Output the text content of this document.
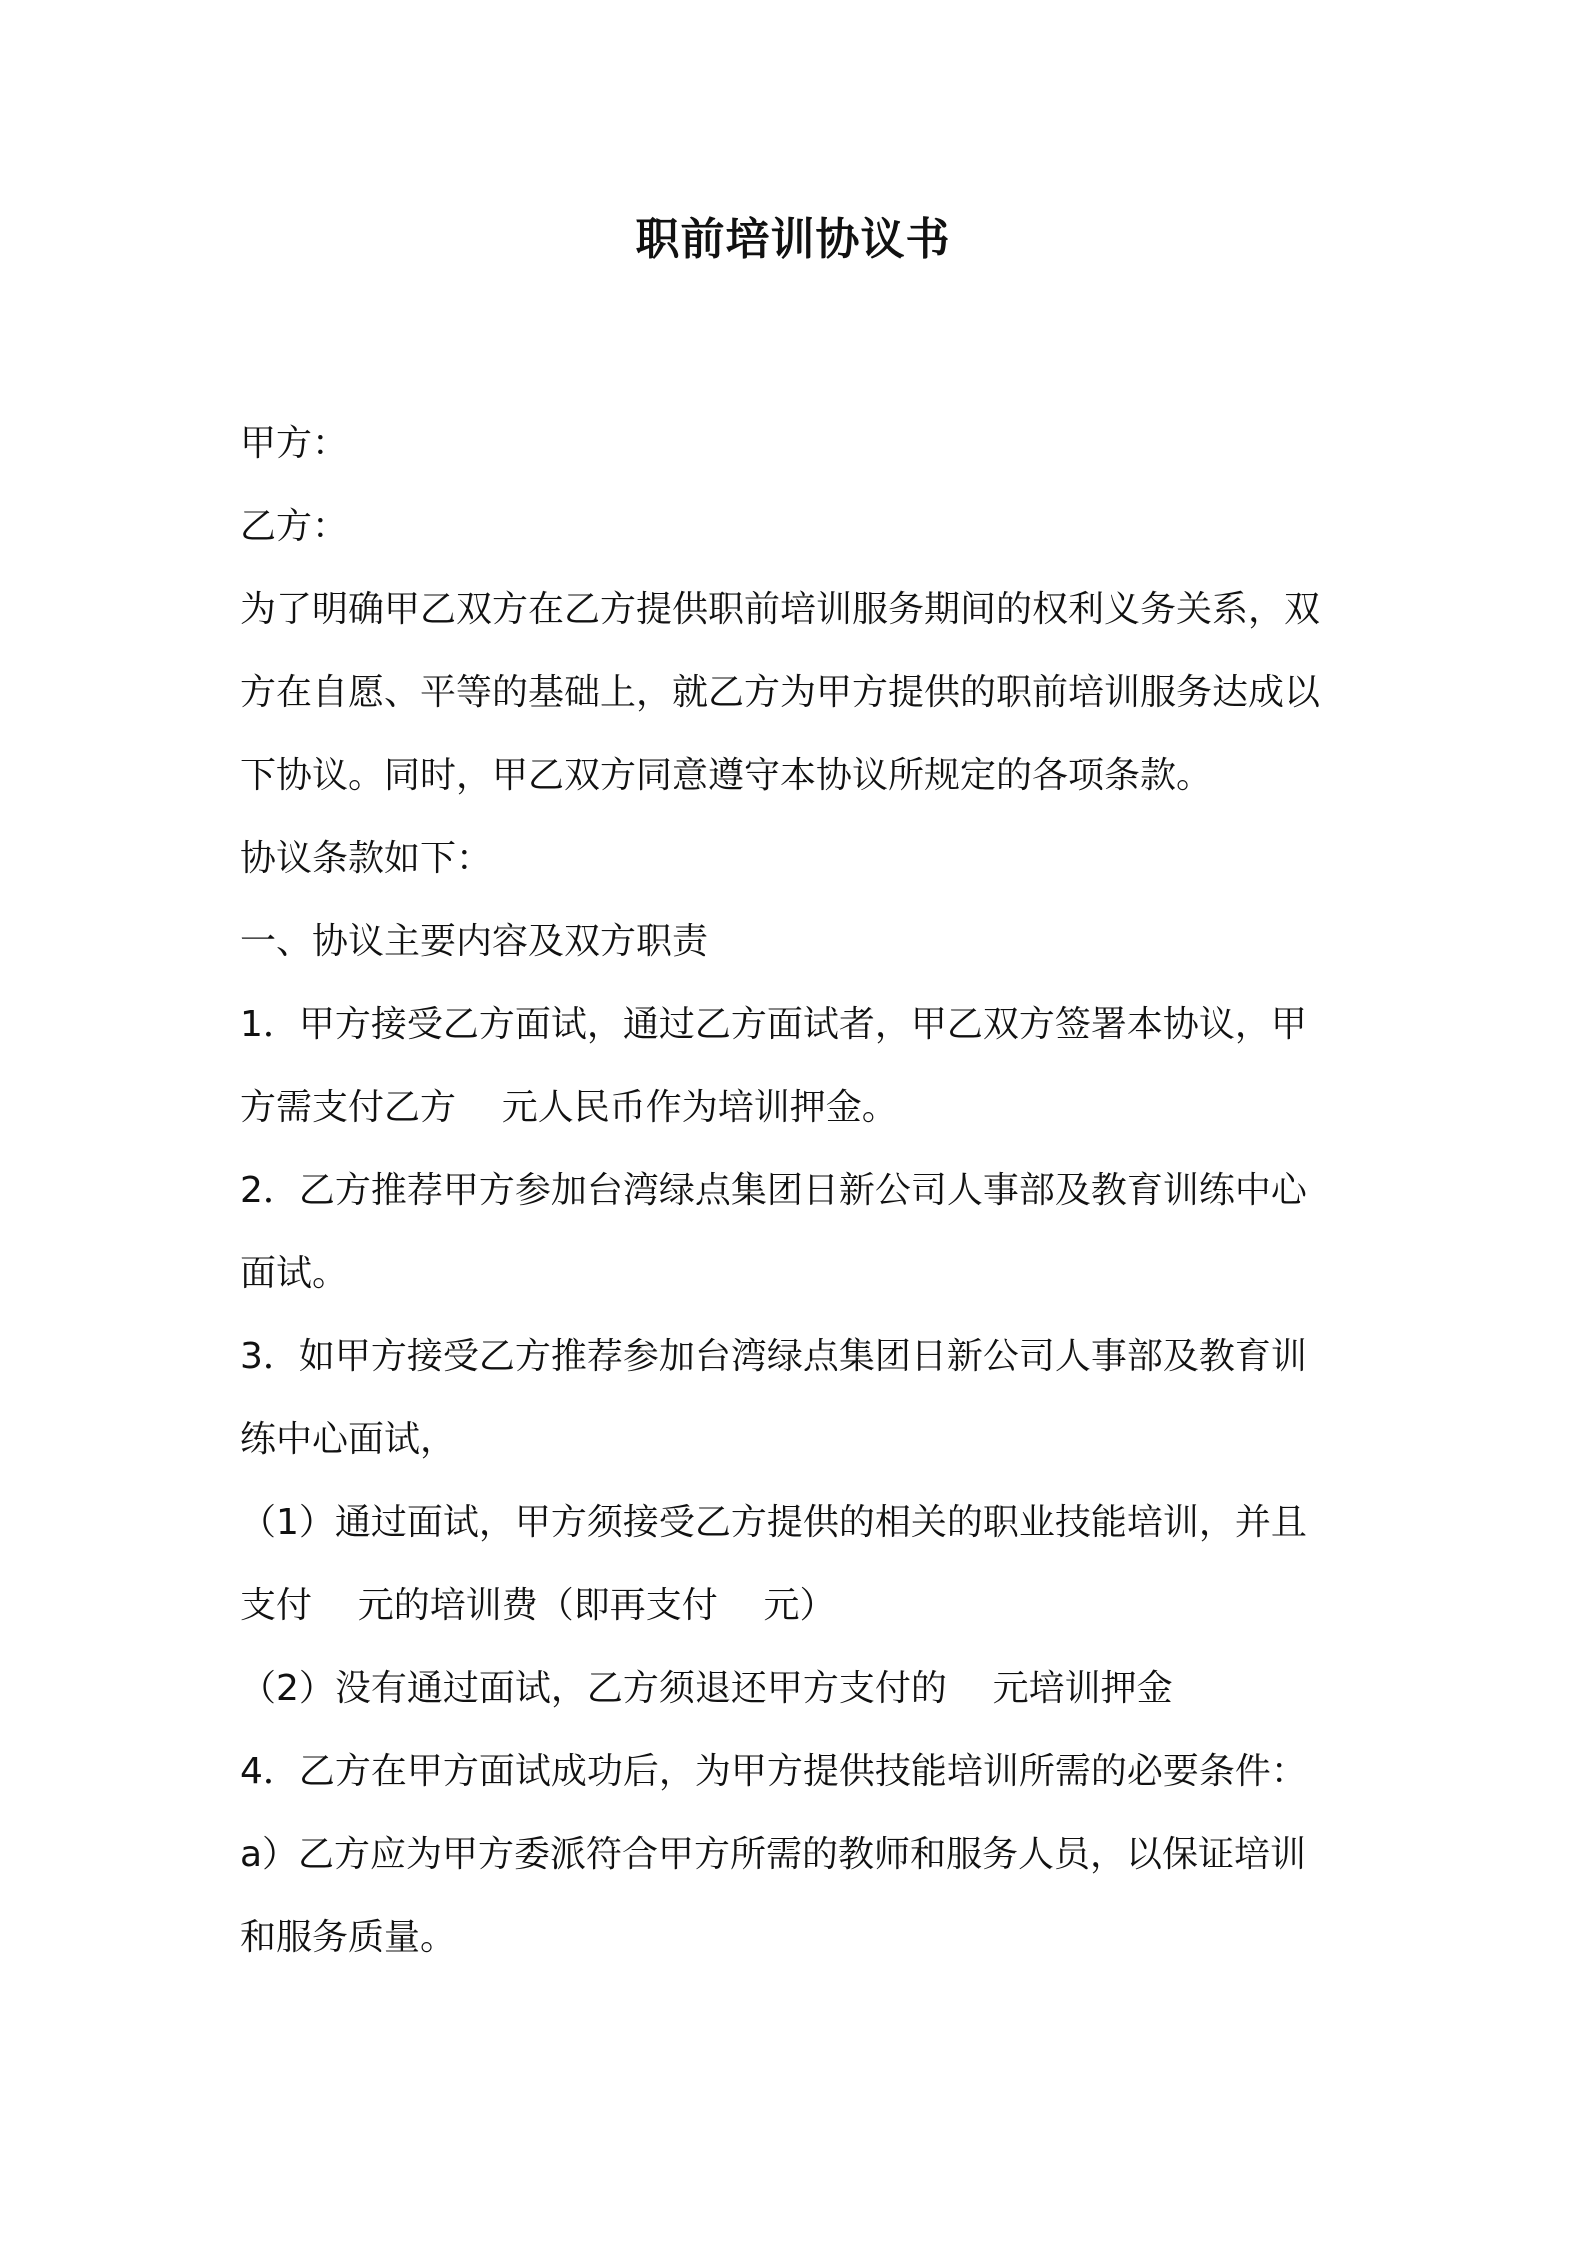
职前培训协议书
甲方：
乙方：
为了明确甲乙双方在乙方提供职前培训服务期间的权利义务关系，双
方在自愿、平等的基础上，就乙方为甲方提供的职前培训服务达成以
下协议。同时，甲乙双方同意遵守本协议所规定的各项条款。
协议条款如下：
一、协议主要内容及双方职责
1．甲方接受乙方面试，通过乙方面试者，甲乙双方签署本协议，甲
方需支付乙方    元人民币作为培训押金。
2．乙方推荐甲方参加台湾绿点集团日新公司人事部及教育训练中心
面试。
3．如甲方接受乙方推荐参加台湾绿点集团日新公司人事部及教育训
练中心面试，
（1）通过面试，甲方须接受乙方提供的相关的职业技能培训，并且
支付    元的培训费（即再支付    元）
（2）没有通过面试，乙方须退还甲方支付的    元培训押金
4．乙方在甲方面试成功后，为甲方提供技能培训所需的必要条件：
a）乙方应为甲方委派符合甲方所需的教师和服务人员，以保证培训
和服务质量。
